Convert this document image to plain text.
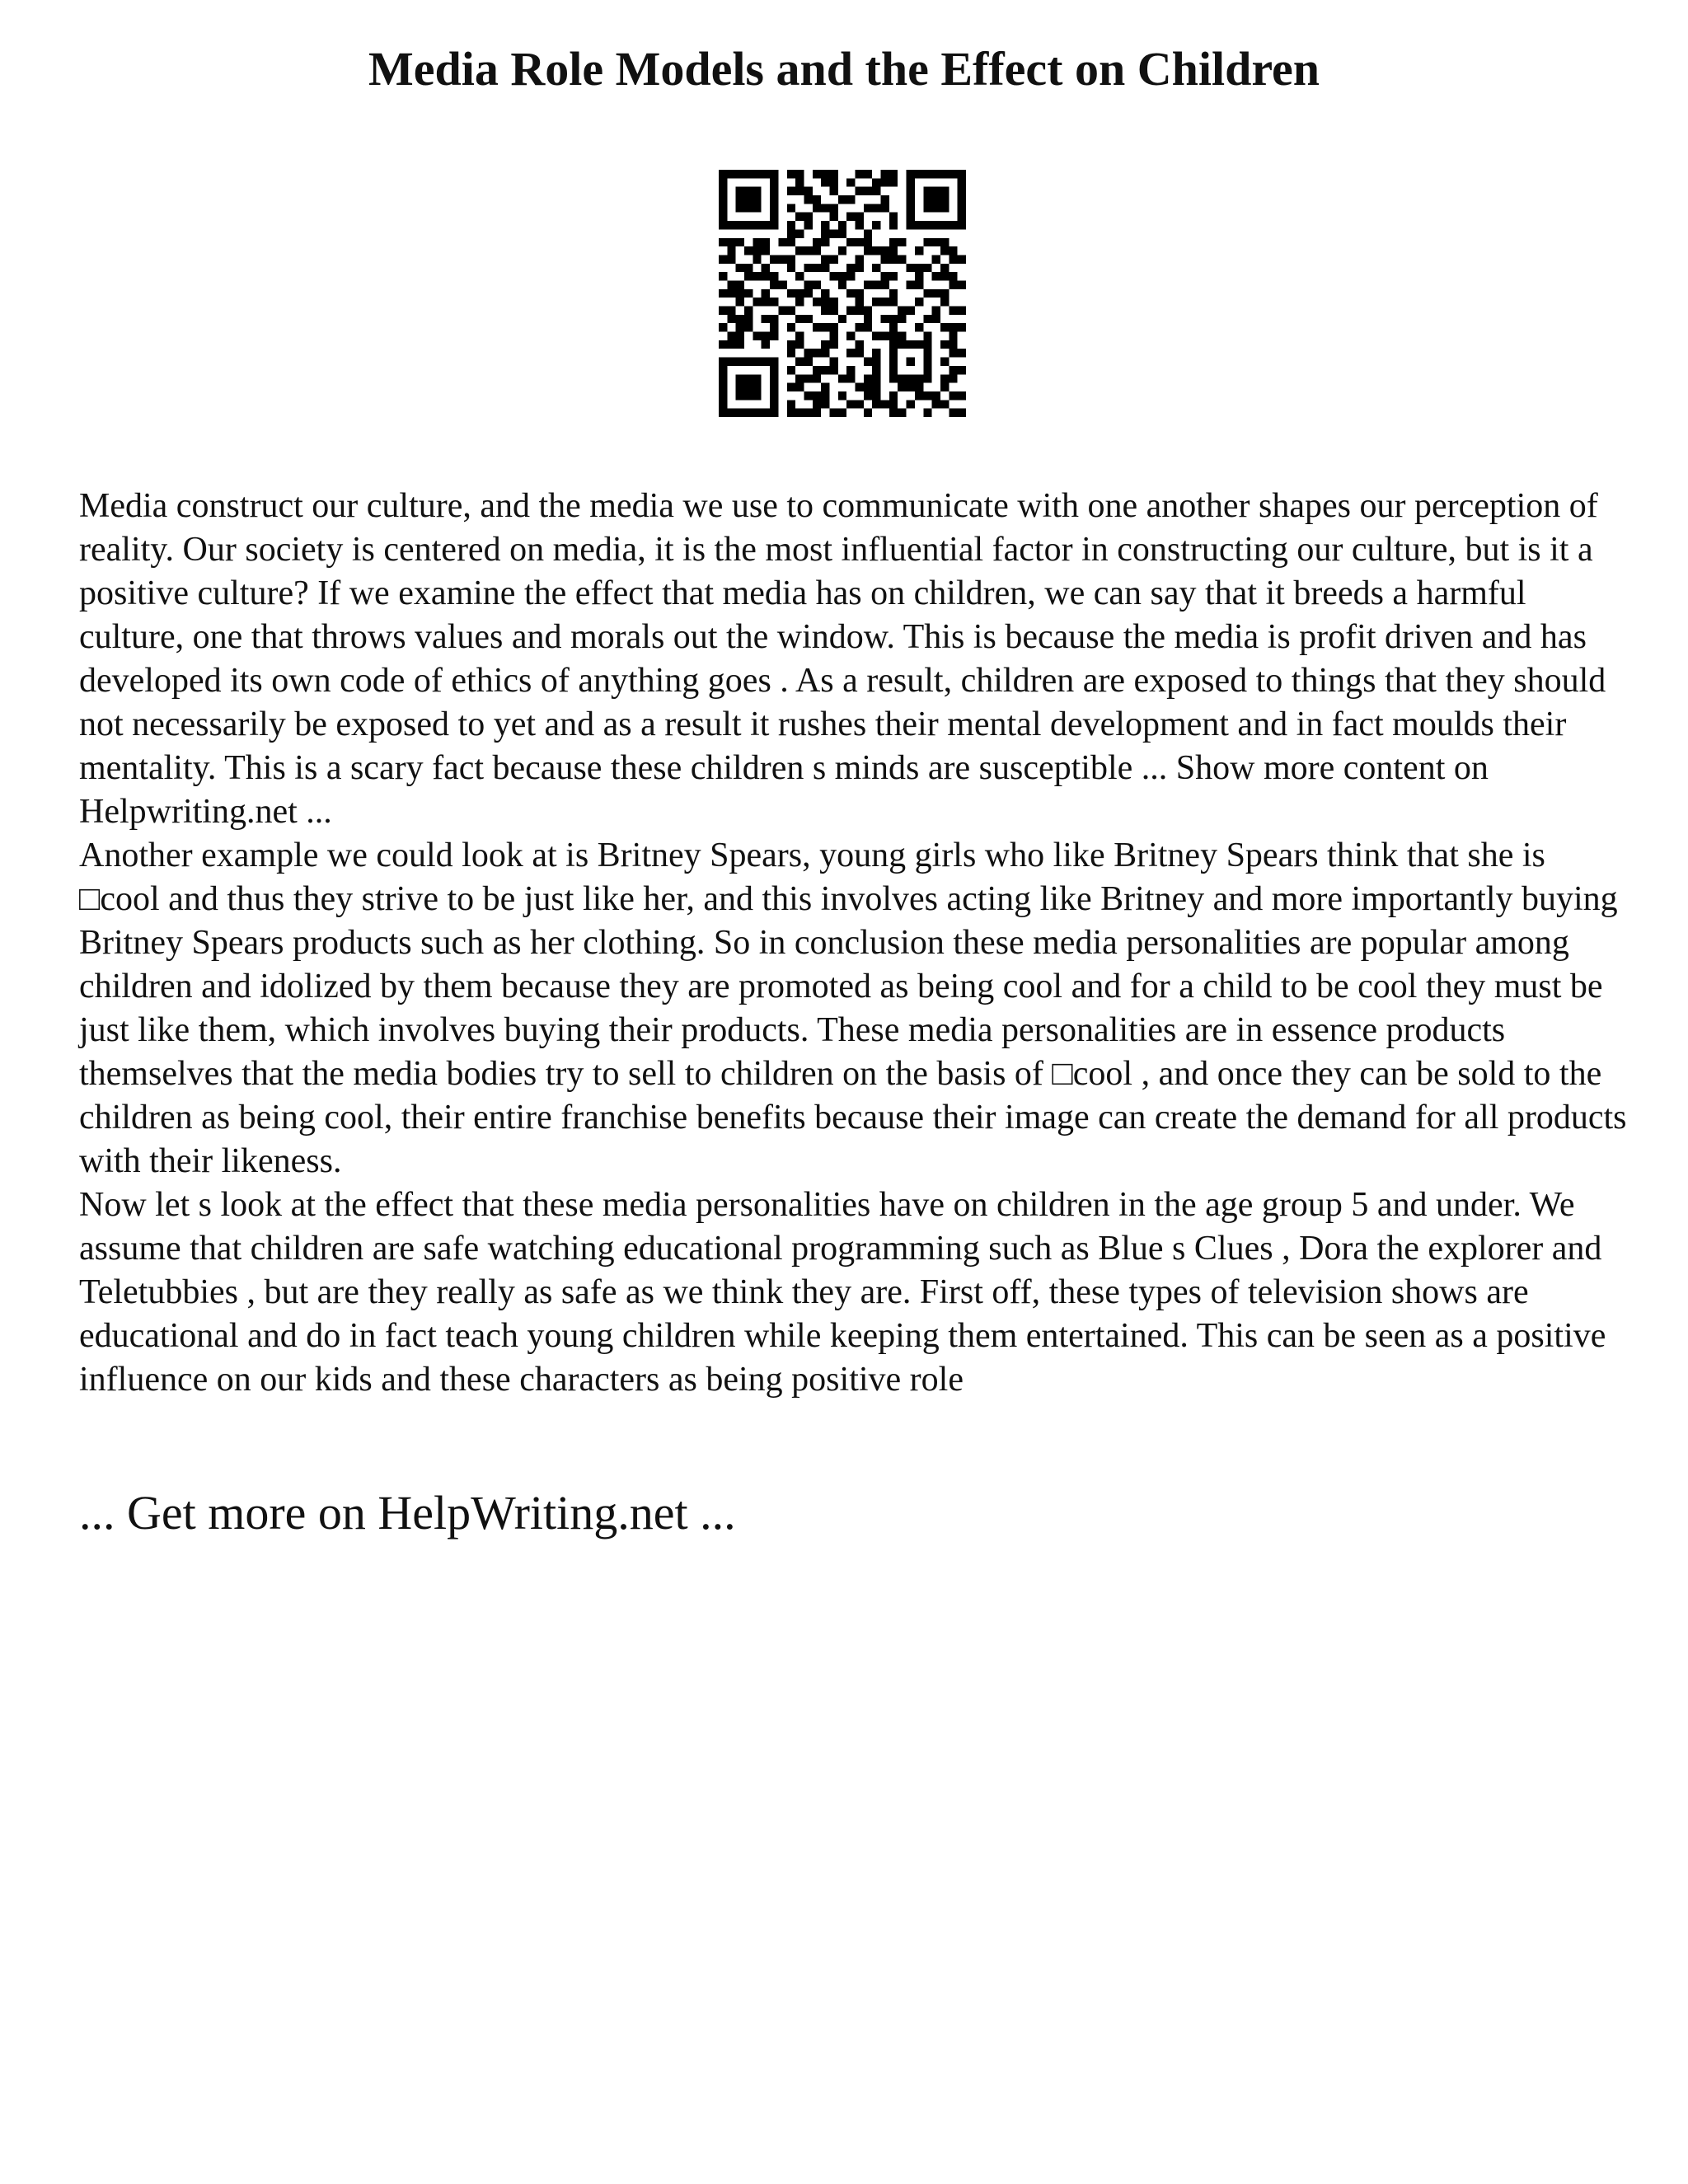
Media Role Models and the Effect on Children

Media construct our culture, and the media we use to communicate with one another shapes our perception of reality. Our society is centered on media, it is the most influential factor in constructing our culture, but is it a positive culture? If we examine the effect that media has on children, we can say that it breeds a harmful culture, one that throws values and morals out the window. This is because the media is profit driven and has developed its own code of ethics of anything goes . As a result, children are exposed to things that they should not necessarily be exposed to yet and as a result it rushes their mental development and in fact moulds their mentality. This is a scary fact because these children s minds are susceptible ... Show more content on Helpwriting.net ...

Another example we could look at is Britney Spears, young girls who like Britney Spears think that she is □cool and thus they strive to be just like her, and this involves acting like Britney and more importantly buying Britney Spears products such as her clothing. So in conclusion these media personalities are popular among children and idolized by them because they are promoted as being cool and for a child to be cool they must be just like them, which involves buying their products. These media personalities are in essence products themselves that the media bodies try to sell to children on the basis of □cool , and once they can be sold to the children as being cool, their entire franchise benefits because their image can create the demand for all products with their likeness.

Now let s look at the effect that these media personalities have on children in the age group 5 and under. We assume that children are safe watching educational programming such as Blue s Clues , Dora the explorer and Teletubbies , but are they really as safe as we think they are. First off, these types of television shows are educational and do in fact teach young children while keeping them entertained. This can be seen as a positive influence on our kids and these characters as being positive role

... Get more on HelpWriting.net ...
